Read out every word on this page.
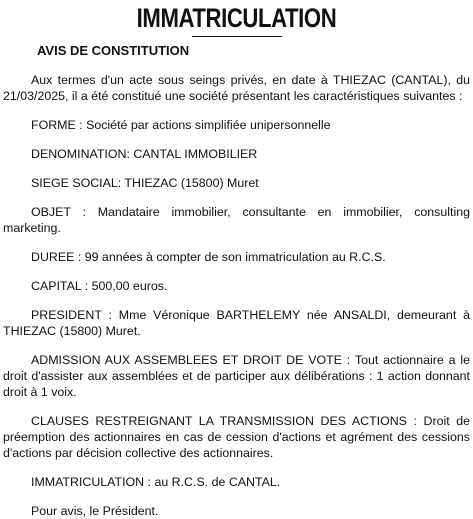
IMMATRICULATION
AVIS DE CONSTITUTION

Aux termes d'un acte sous seings privés, en date à THIEZAC (CANTAL), du 21/03/2025, il a été constitué une société présentant les caractéristiques suivantes :

FORME : Société par actions simplifiée unipersonnelle

DENOMINATION: CANTAL IMMOBILIER

SIEGE SOCIAL: THIEZAC (15800) Muret

OBJET : Mandataire immobilier, consultante en immobilier, consulting marketing.

DUREE : 99 années à compter de son immatriculation au R.C.S.

CAPITAL : 500,00 euros.

PRESIDENT : Mme Véronique BARTHELEMY née ANSALDI, demeurant à THIEZAC (15800) Muret.

ADMISSION AUX ASSEMBLEES ET DROIT DE VOTE : Tout actionnaire a le droit d'assister aux assemblées et de participer aux délibérations : 1 action donnant droit à 1 voix.

CLAUSES RESTREIGNANT LA TRANSMISSION DES ACTIONS : Droit de préemption des actionnaires en cas de cession d'actions et agrément des cessions d'actions par décision collective des actionnaires.

IMMATRICULATION : au R.C.S. de CANTAL.

Pour avis, le Président.
